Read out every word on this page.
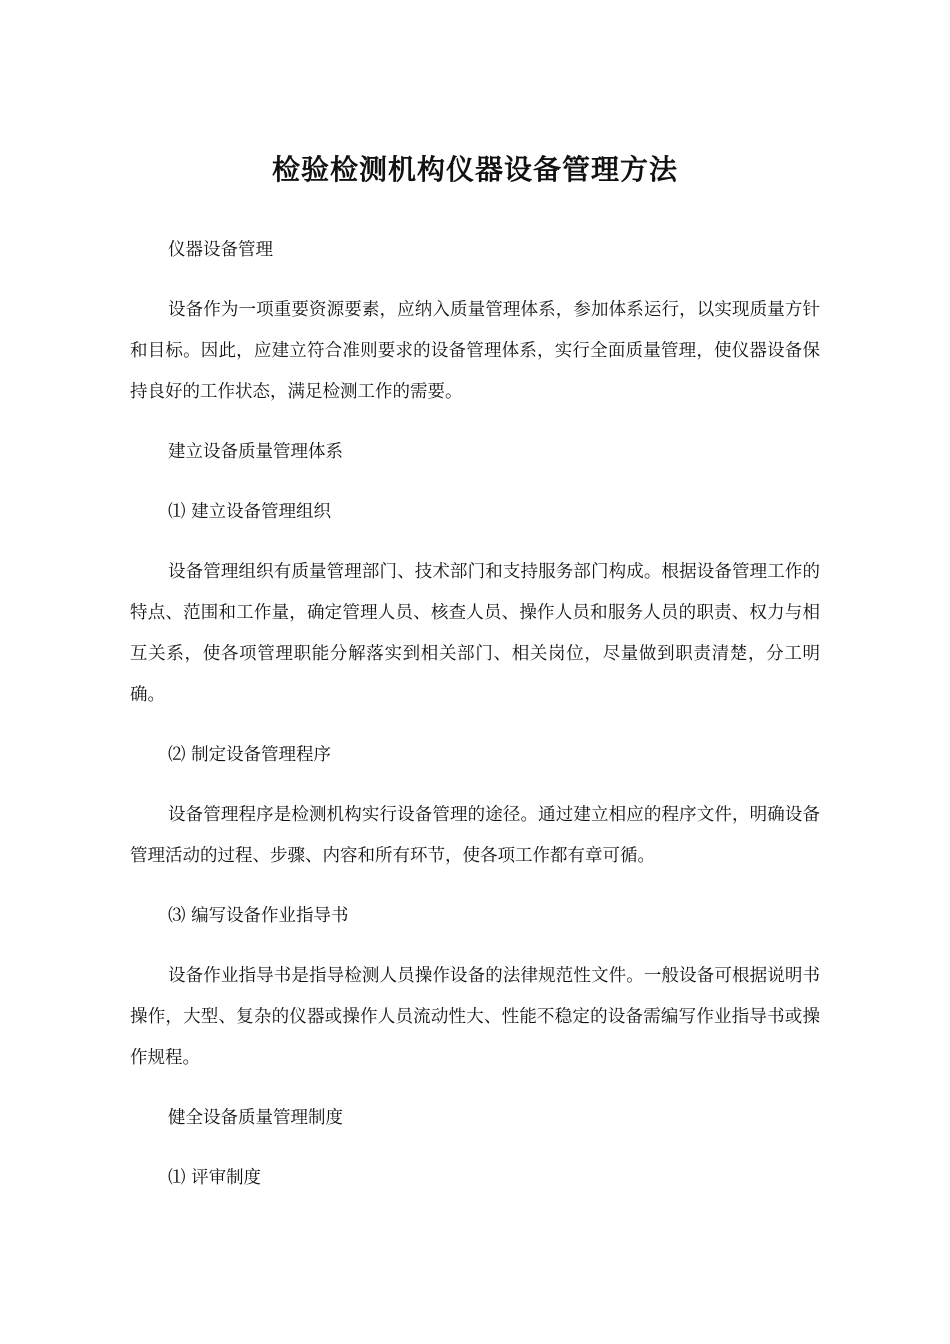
检验检测机构仪器设备管理方法

仪器设备管理

设备作为一项重要资源要素，应纳入质量管理体系，参加体系运行，以实现质量方针和目标。因此，应建立符合准则要求的设备管理体系，实行全面质量管理，使仪器设备保持良好的工作状态，满足检测工作的需要。

建立设备质量管理体系

⑴ 建立设备管理组织

设备管理组织有质量管理部门、技术部门和支持服务部门构成。根据设备管理工作的特点、范围和工作量，确定管理人员、核查人员、操作人员和服务人员的职责、权力与相互关系，使各项管理职能分解落实到相关部门、相关岗位，尽量做到职责清楚，分工明确。

⑵ 制定设备管理程序

设备管理程序是检测机构实行设备管理的途径。通过建立相应的程序文件，明确设备管理活动的过程、步骤、内容和所有环节，使各项工作都有章可循。

⑶ 编写设备作业指导书

设备作业指导书是指导检测人员操作设备的法律规范性文件。一般设备可根据说明书操作，大型、复杂的仪器或操作人员流动性大、性能不稳定的设备需编写作业指导书或操作规程。

健全设备质量管理制度

⑴ 评审制度
